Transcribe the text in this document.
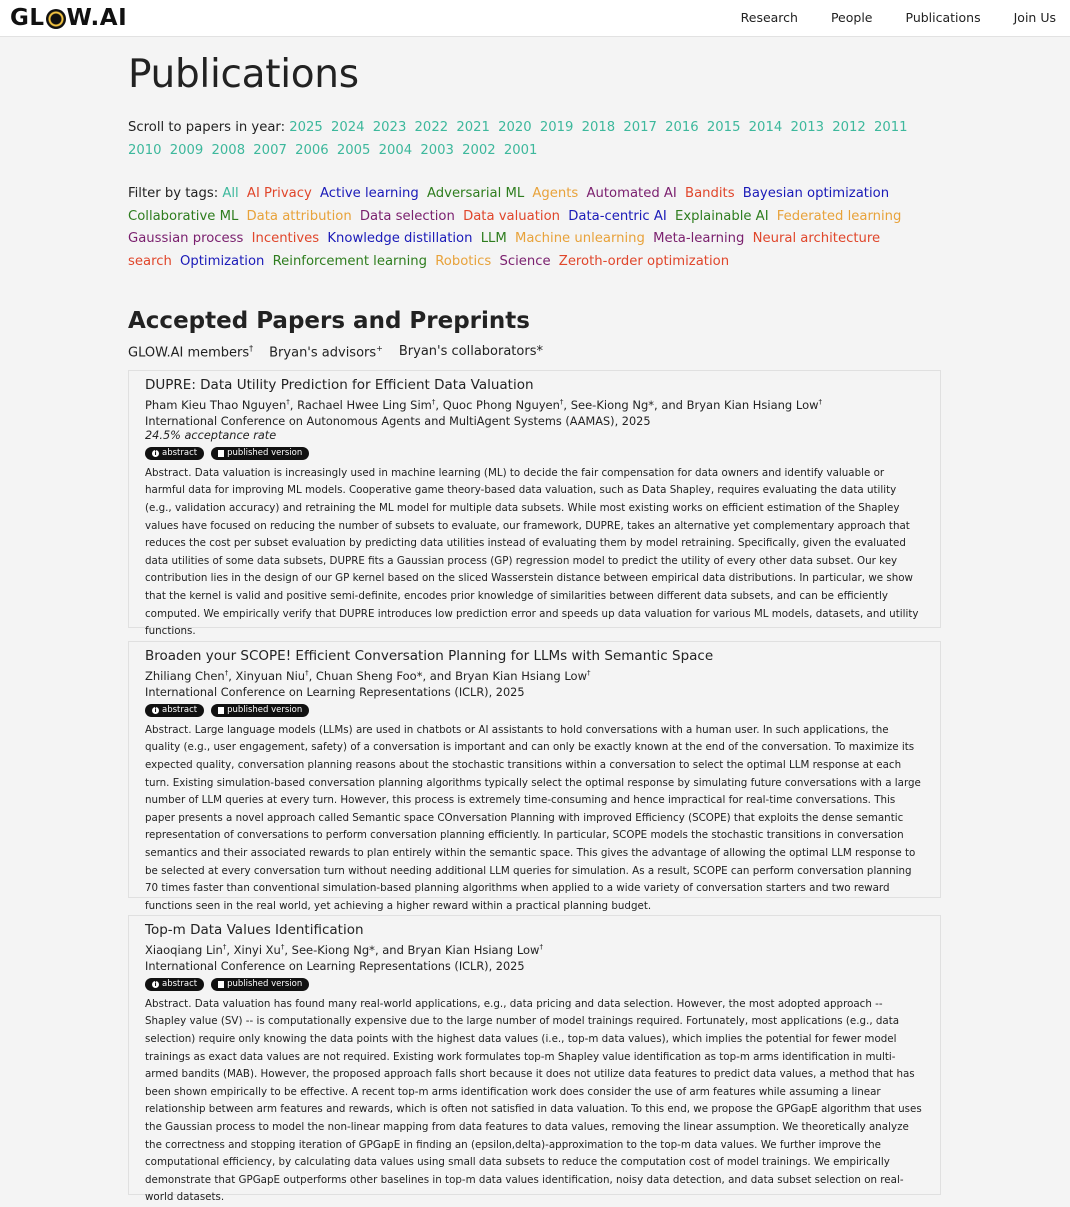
GL W.AI	Research	People	Publications	Join Us
Publications
Scroll to papers in year: 2025 2024 2023 2022 2021 2020 2019 2018 2017 2016 2015 2014 2013 2012 2011 2010 2009 2008 2007 2006 2005 2004 2003 2002 2001
Filter by tags: All AI Privacy Active learning Adversarial ML Agents Automated AI Bandits Bayesian optimization Collaborative ML Data attribution Data selection Data valuation Data-centric AI Explainable AI Federated learning Gaussian process Incentives Knowledge distillation LLM Machine unlearning Meta-learning Neural architecture search Optimization Reinforcement learning Robotics Science Zeroth-order optimization
Accepted Papers and Preprints
GLOW.AI members† Bryan's advisors+ Bryan's collaborators*
DUPRE: Data Utility Prediction for Efficient Data Valuation
Pham Kieu Thao Nguyen†, Rachael Hwee Ling Sim†, Quoc Phong Nguyen†, See-Kiong Ng*, and Bryan Kian Hsiang Low†
International Conference on Autonomous Agents and MultiAgent Systems (AAMAS), 2025
24.5% acceptance rate
i abstract	published version
Abstract. Data valuation is increasingly used in machine learning (ML) to decide the fair compensation for data owners and identify valuable or harmful data for improving ML models. Cooperative game theory-based data valuation, such as Data Shapley, requires evaluating the data utility (e.g., validation accuracy) and retraining the ML model for multiple data subsets. While most existing works on efficient estimation of the Shapley values have focused on reducing the number of subsets to evaluate, our framework, DUPRE, takes an alternative yet complementary approach that reduces the cost per subset evaluation by predicting data utilities instead of evaluating them by model retraining. Specifically, given the evaluated data utilities of some data subsets, DUPRE fits a Gaussian process (GP) regression model to predict the utility of every other data subset. Our key contribution lies in the design of our GP kernel based on the sliced Wasserstein distance between empirical data distributions. In particular, we show that the kernel is valid and positive semi-definite, encodes prior knowledge of similarities between different data subsets, and can be efficiently computed. We empirically verify that DUPRE introduces low prediction error and speeds up data valuation for various ML models, datasets, and utility functions.
Broaden your SCOPE! Efficient Conversation Planning for LLMs with Semantic Space
Zhiliang Chen†, Xinyuan Niu†, Chuan Sheng Foo*, and Bryan Kian Hsiang Low†
International Conference on Learning Representations (ICLR), 2025
i abstract	published version
Abstract. Large language models (LLMs) are used in chatbots or AI assistants to hold conversations with a human user. In such applications, the quality (e.g., user engagement, safety) of a conversation is important and can only be exactly known at the end of the conversation. To maximize its expected quality, conversation planning reasons about the stochastic transitions within a conversation to select the optimal LLM response at each turn. Existing simulation-based conversation planning algorithms typically select the optimal response by simulating future conversations with a large number of LLM queries at every turn. However, this process is extremely time-consuming and hence impractical for real-time conversations. This paper presents a novel approach called Semantic space COnversation Planning with improved Efficiency (SCOPE) that exploits the dense semantic representation of conversations to perform conversation planning efficiently. In particular, SCOPE models the stochastic transitions in conversation semantics and their associated rewards to plan entirely within the semantic space. This gives the advantage of allowing the optimal LLM response to be selected at every conversation turn without needing additional LLM queries for simulation. As a result, SCOPE can perform conversation planning 70 times faster than conventional simulation-based planning algorithms when applied to a wide variety of conversation starters and two reward functions seen in the real world, yet achieving a higher reward within a practical planning budget.
Top-m Data Values Identification
Xiaoqiang Lin†, Xinyi Xu†, See-Kiong Ng*, and Bryan Kian Hsiang Low†
International Conference on Learning Representations (ICLR), 2025
i abstract	published version
Abstract. Data valuation has found many real-world applications, e.g., data pricing and data selection. However, the most adopted approach -- Shapley value (SV) -- is computationally expensive due to the large number of model trainings required. Fortunately, most applications (e.g., data selection) require only knowing the data points with the highest data values (i.e., top-m data values), which implies the potential for fewer model trainings as exact data values are not required. Existing work formulates top-m Shapley value identification as top-m arms identification in multi-armed bandits (MAB). However, the proposed approach falls short because it does not utilize data features to predict data values, a method that has been shown empirically to be effective. A recent top-m arms identification work does consider the use of arm features while assuming a linear relationship between arm features and rewards, which is often not satisfied in data valuation. To this end, we propose the GPGapE algorithm that uses the Gaussian process to model the non-linear mapping from data features to data values, removing the linear assumption. We theoretically analyze the correctness and stopping iteration of GPGapE in finding an (epsilon,delta)-approximation to the top-m data values. We further improve the computational efficiency, by calculating data values using small data subsets to reduce the computation cost of model trainings. We empirically demonstrate that GPGapE outperforms other baselines in top-m data values identification, noisy data detection, and data subset selection on real-world datasets.
